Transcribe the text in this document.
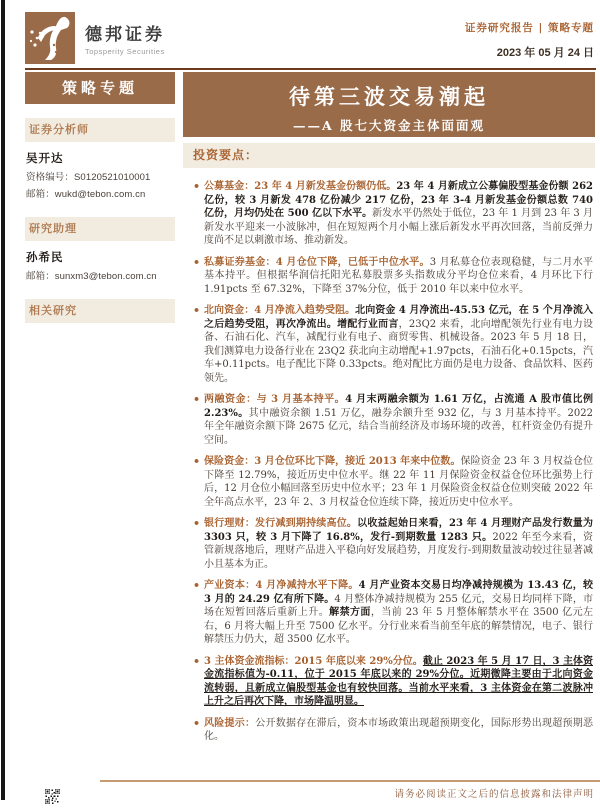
德邦证券
Topsperity Securities
证券研究报告 | 策略专题
2023 年 05 月 24 日
策略专题
证券分析师
吴开达
资格编号：S0120521010001
邮箱：wukd@tebon.com.cn
研究助理
孙希民
邮箱：sunxm3@tebon.com.cn
相关研究
待第三波交易潮起
——A 股七大资金主体面面观
投资要点：
• 公募基金：23 年 4 月新发基金份额仍低。23 年 4 月新成立公募偏股型基金份额 262 亿份，较 3 月新发 478 亿份减少 217 亿份，23 年 3-4 月新发基金份额总数 740 亿份，月均仍处在 500 亿以下水平。新发水平仍然处于低位，23 年 1 月到 23 年 3 月新发水平迎来一小波脉冲，但在短短两个月小幅上涨后新发水平再次回落，当前反弹力度尚不足以刺激市场、推动新发。
• 私募证券基金：4 月仓位下降，已低于中位水平。3 月私募仓位表现稳健，与二月水平基本持平。但根据华润信托阳光私募股票多头指数成分平均仓位来看，4 月环比下行 1.91pcts 至 67.32%，下降至 37%分位，低于 2010 年以来中位水平。
• 北向资金：4 月净流入趋势受阻。北向资金 4 月净流出-45.53 亿元，在 5 个月净流入之后趋势受阻，再次净流出。增配行业而言，23Q2 来看，北向增配领先行业有电力设备、石油石化、汽车，减配行业有电子、商贸零售、机械设备。2023 年 5 月 18 日，我们测算电力设备行业在 23Q2 获北向主动增配+1.97pcts，石油石化+0.15pcts，汽车+0.11pcts。电子配比下降 0.33pcts。绝对配比方面仍是电力设备、食品饮料、医药领先。
• 两融资金：与 3 月基本持平。4 月末两融余额为 1.61 万亿，占流通 A 股市值比例 2.23%。其中融资余额 1.51 万亿，融券余额升至 932 亿，与 3 月基本持平。2022 年全年融资余额下降 2675 亿元，结合当前经济及市场环境的改善，杠杆资金仍有提升空间。
• 保险资金：3 月仓位环比下降，接近 2013 年来中位数。保险资金 23 年 3 月权益仓位下降至 12.79%，接近历史中位水平。继 22 年 11 月保险资金权益仓位环比强势上行后，12 月仓位小幅回落至历史中位水平；23 年 1 月保险资金权益仓位则突破 2022 年全年高点水平，23 年 2、3 月权益仓位连续下降，接近历史中位水平。
• 银行理财：发行减到期持续高位。以收益起始日来看，23 年 4 月理财产品发行数量为 3303 只，较 3 月下降了 16.8%，发行-到期数量 1283 只。2022 年至今来看，资管新规落地后，理财产品进入平稳向好发展趋势，月度发行-到期数量波动较过往显著减小且基本为正。
• 产业资本：4 月净减持水平下降。4 月产业资本交易日均净减持规模为 13.43 亿，较 3 月的 24.29 亿有所下降。4 月整体净减持规模为 255 亿元，交易日均同样下降，市场在短暂回落后重新上升。解禁方面，当前 23 年 5 月整体解禁水平在 3500 亿元左右，6 月将大幅上升至 7500 亿水平。分行业来看当前至年底的解禁情况，电子、银行解禁压力仍大，超 3500 亿水平。
• 3 主体资金流指标：2015 年底以来 29%分位。截止 2023 年 5 月 17 日，3 主体资金流指标值为-0.11，位于 2015 年底以来的 29%分位。近期微降主要由于北向资金流转弱，且新成立偏股型基金也有较快回落。当前水平来看，3 主体资金在第二波脉冲上升之后再次下降，市场降温明显。
• 风险提示：公开数据存在滞后，资本市场政策出现超预期变化，国际形势出现超预期恶化。
请务必阅读正文之后的信息披露和法律声明
